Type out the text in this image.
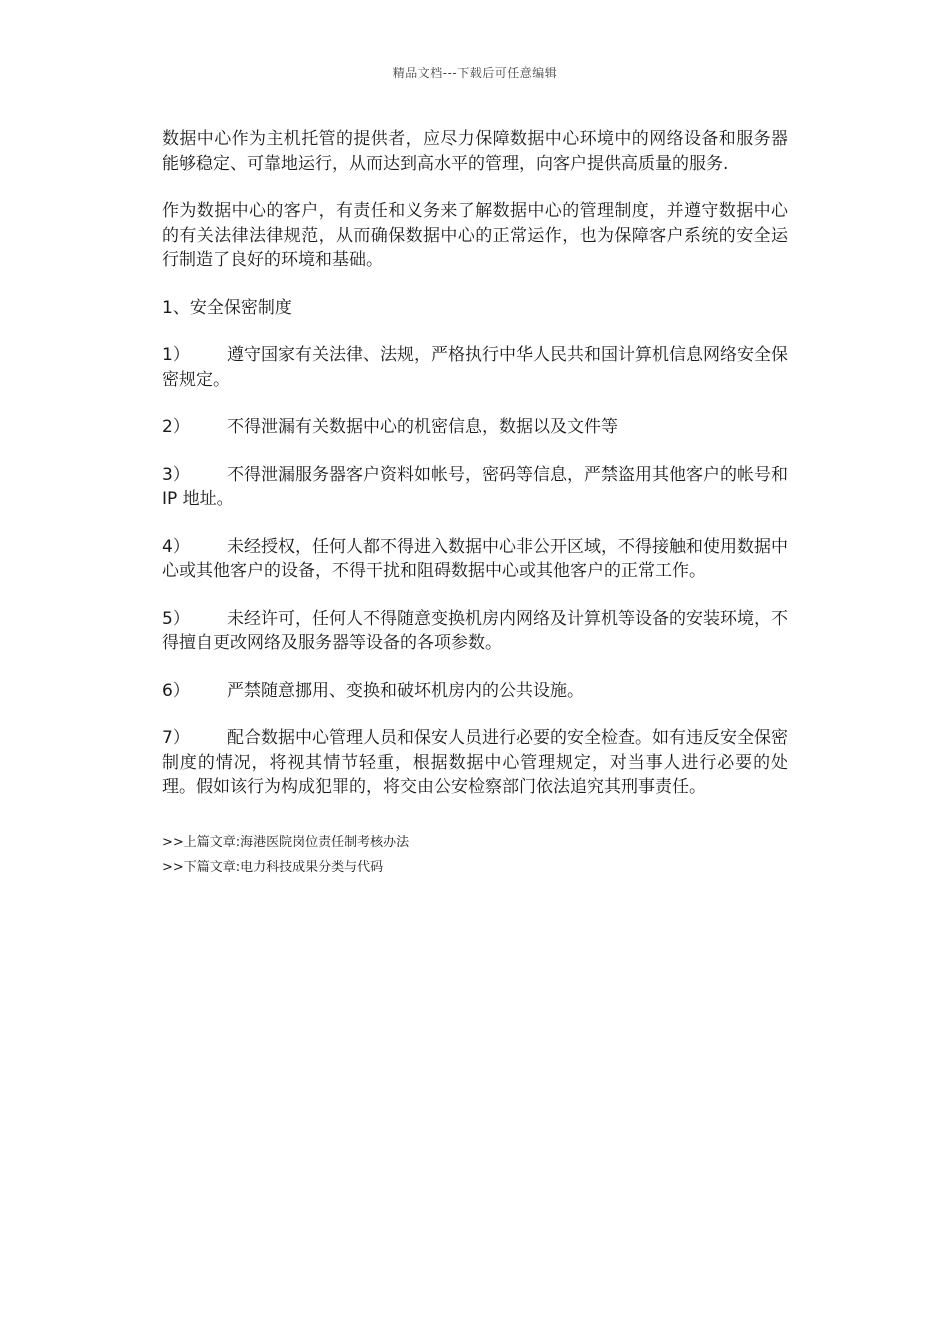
精品文档---下载后可任意编辑

数据中心作为主机托管的提供者，应尽力保障数据中心环境中的网络设备和服务器能够稳定、可靠地运行，从而达到高水平的管理，向客户提供高质量的服务.

作为数据中心的客户，有责任和义务来了解数据中心的管理制度，并遵守数据中心的有关法律法律规范，从而确保数据中心的正常运作，也为保障客户系统的安全运行制造了良好的环境和基础。

1、安全保密制度

1） 遵守国家有关法律、法规，严格执行中华人民共和国计算机信息网络安全保密规定。

2） 不得泄漏有关数据中心的机密信息，数据以及文件等

3） 不得泄漏服务器客户资料如帐号，密码等信息，严禁盗用其他客户的帐号和 IP 地址。

4） 未经授权，任何人都不得进入数据中心非公开区域，不得接触和使用数据中心或其他客户的设备，不得干扰和阻碍数据中心或其他客户的正常工作。

5） 未经许可，任何人不得随意变换机房内网络及计算机等设备的安装环境，不得擅自更改网络及服务器等设备的各项参数。

6） 严禁随意挪用、变换和破坏机房内的公共设施。

7） 配合数据中心管理人员和保安人员进行必要的安全检查。如有违反安全保密制度的情况，将视其情节轻重，根据数据中心管理规定，对当事人进行必要的处理。假如该行为构成犯罪的，将交由公安检察部门依法追究其刑事责任。

>>上篇文章:海港医院岗位责任制考核办法
>>下篇文章:电力科技成果分类与代码
